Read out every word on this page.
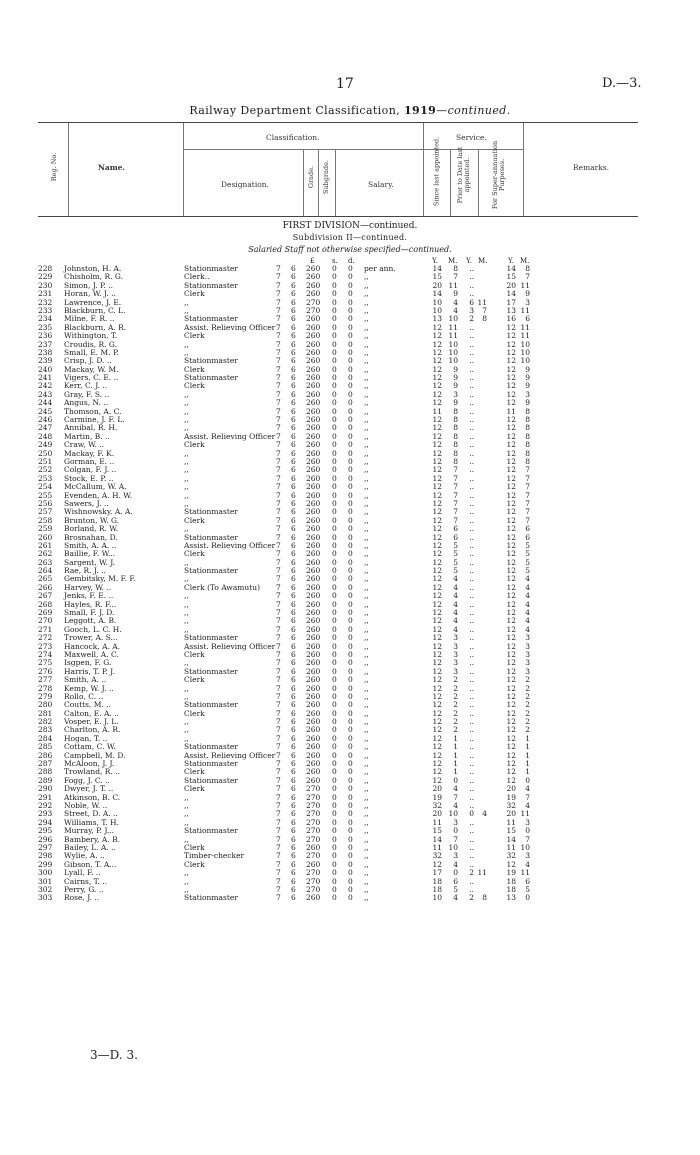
17	D.—3.
Railway Department Classification, 1919—continued.
Reg. No.	Name.
Classification.
Designation.	Grade. Subgrade.	Salary.
Service.
Since last appointed. Prior to Date last appointed.	For Super-annuation Purposes.	Remarks.
FIRST DIVISION—continued.
Subdivision II—continued.
Salaried Staff not otherwise specified—continued.
£	s. d.	Y. M. Y. M.	Y. M.
228	Johnston, H. A.	Stationmaster	7 6 260 0 0 per ann.	14	8	..	14	8
229	Chisholm, R. G.	Clerk..	7 6 260 0 0 ,,	15	7	..	15	7
230	Simon, J. P. ..	Stationmaster	7 6 260 0 0 ,,	20 11	..	20 11
231	Horan, W. J. ..	Clerk	7 6 260 0 0 ,,	14	9	..	14	9
232	Lawrence, J. E.	,,	7 6 270 0 0 ,,	10	4	6 11	17	3
233	Blackburn, C. L.	,,	7 6 270 0 0 ,,	10	4	3	7	13 11
234	Milne, F. R. ..	Stationmaster	7 6 260 0 0 ,,	13 10	2	8	16	6
235	Blackburn, A. R.	Assist. Relieving Officer 7 6 260 0 0 ,,	12 11	..	12 11
236	Withington, T.	Clerk	7 6 260 0 0 ,,	12 11	..	12 11
237	Croudis, R. G.	,,	7 6 260 0 0 ,,	12 10	..	12 10
238	Small, E. M. P.	,,	7 6 260 0 0 ,,	12 10	..	12 10
239	Crisp, J. D. ..	Stationmaster	7 6 260 0 0 ,,	12 10	..	12 10
240	Mackay, W. M.	Clerk	7 6 260 0 0 ,,	12	9	..	12	9
241	Vigers, C. E. ..	Stationmaster	7 6 260 0 0 ,,	12	9	..	12	9
242	Kerr, C. J. ..	Clerk	7 6 260 0 0 ,,	12	9	..	12	9
243	Gray, F. S. ..	,,	7 6 260 0 0 ,,	12	3	..	12	3
244	Angus, N. ..	,,	7 6 260 0 0 ,,	12	9	..	12	9
245	Thomson, A. C.	,,	7 6 260 0 0 ,,	11	8	..	11	8
246	Carmine, J. F. L.	,,	7 6 260 0 0 ,,	12	8	..	12	8
247	Annibal, R. H.	,,	7 6 260 0 0 ,,	12	8	..	12	8
248	Martin, B. ..	Assist. Relieving Officer 7 6 260 0 0 ,,	12	8	..	12	8
249	Craw, W. ..	Clerk	7 6 260 0 0 ,,	12	8	..	12	8
250	Mackay, F. K.	,,	7 6 260 0 0 ,,	12	8	..	12	8
251	Gorman, E. ..	,,	7 6 260 0 0 ,,	12	8	..	12	8
252	Colgan, F. J. ..	,,	7 6 260 0 0 ,,	12	7	..	12	7
253	Stock, E. P. ..	,,	7 6 260 0 0 ,,	12	7	..	12	7
254	McCallum, W. A.	,,	7 6 260 0 0 ,,	12	7	..	12	7
255	Evenden, A. H. W.	,,	7 6 260 0 0 ,,	12	7	..	12	7
256	Sawers, J. ..	,,	7 6 260 0 0 ,,	12	7	..	12	7
257	Wishnowsky, A. A.	Stationmaster	7 6 260 0 0 ,,	12	7	..	12	7
258	Brunton, W. G.	Clerk	7 6 260 0 0 ,,	12	7	..	12	7
259	Borland, R. W.	,,	7 6 260 0 0 ,,	12	6	..	12	6
260	Brosnahan, D.	Stationmaster	7 6 260 0 0 ,,	12	6	..	12	6
261	Smith, A. A. ..	Assist. Relieving Officer 7 6 260 0 0 ,,	12	5	..	12	5
262	Baillie, F. W...	Clerk	7 6 260 0 0 ,,	12	5	..	12	5
263	Sargent, W. J.	,,	7 6 260 0 0 ,,	12	5	..	12	5
264	Rae, R. J. ..	Stationmaster	7 6 260 0 0 ,,	12	5	..	12	5
265	Gembitsky, M. F. F.	,,	7 6 260 0 0 ,,	12	4	..	12	4
266	Harvey, W. ..	Clerk (To Awamutu) 7 6 260 0 0 ,,	12	4	..	12	4
267	Jenks, F. E. ..	,,	7 6 260 0 0 ,,	12	4	..	12	4
268	Hayles, R. F...	,,	7 6 260 0 0 ,,	12	4	..	12	4
269	Small, F. J. D.	,,	7 6 260 0 0 ,,	12	4	..	12	4
270	Leggott, A. B.	,,	7 6 260 0 0 ,,	12	4	..	12	4
271	Gooch, L. C. H.	,,	7 6 260 0 0 ,,	12	4	..	12	4
272	Trower, A. S...	Stationmaster	7 6 260 0 0 ,,	12	3	..	12	3
273	Hancock, A. A.	Assist. Relieving Officer 7 6 260 0 0 ,,	12	3	..	12	3
274	Maxwell, A. C.	Clerk	7 6 260 0 0 ,,	12	3	..	12	3
275	Isgpen, F. G.	,,	7 6 260 0 0 ,,	12	3	..	12	3
276	Harris, T. P. J.	Stationmaster	7 6 260 0 0 ,,	12	3	..	12	3
277	Smith, A. ..	Clerk	7 6 260 0 0 ,,	12	2	..	12	2
278	Kemp, W. J. ..	,,	7 6 260 0 0 ,,	12	2	..	12	2
279	Rollo, C. ..	,,	7 6 260 0 0 ,,	12	2	..	12	2
280	Coutts, M. ..	Stationmaster	7 6 260 0 0 ,,	12	2	..	12	2
281	Calton, E. A. ..	Clerk	7 6 260 0 0 ,,	12	2	..	12	2
282	Vosper, E. J. L.	,,	7 6 260 0 0 ,,	12	2	..	12	2
283	Charlton, A. R.	,,	7 6 260 0 0 ,,	12	2	..	12	2
284	Hogan, T. ..	,,	7 6 260 0 0 ,,	12	1	..	12	1
285	Cottam, C. W.	Stationmaster	7 6 260 0 0 ,,	12	1	..	12	1
286	Campbell, M. D.	Assist. Relieving Officer 7 6 260 0 0 ,,	12	1	..	12	1
287	McAloon, J. J.	Stationmaster	7 6 260 0 0 ,,	12	1	..	12	1
288	Trowland, R. ..	Clerk	7 6 260 0 0 ,,	12	1	..	12	1
289	Fogg, J. C. ..	Stationmaster	7 6 260 0 0 ,,	12	0	..	12	0
290	Dwyer, J. T. ..	Clerk	7 6 270 0 0 ,,	20	4	..	20	4
291	Atkinson, B. C.	,,	7 6 270 0 0 ,,	19	7	..	19	7
292	Noble, W. ..	,,	7 6 270 0 0 ,,	32	4	..	32	4
293	Street, D. A. ..	,,	7 6 270 0 0 ,,	20 10	0	4	20 11
294	Williams, T. H.	,,	7 6 270 0 0 ,,	11	3	..	11	3
295	Murray, P. J...	Stationmaster	7 6 270 0 0 ,,	15	0	..	15	0
296	Bambery, A. B.	,,	7 6 270 0 0 ,,	14	7	..	14	7
297	Bailey, L. A. ..	Clerk	7 6 260 0 0 ,,	11 10	..	11 10
298	Wylie, A. ..	Timber-checker	7 6 270 0 0 ,,	32	3	..	32	3
299	Gibson, T. A...	Clerk	7 6 260 0 0 ,,	12	4	..	12	4
300	Lyall, F. ..	,,	7 6 270 0 0 ,,	17	0	2 11	19 11
301	Cairns, T. ..	,,	7 6 270 0 0 ,,	18	6	..	18	6
302	Perry, G. ..	,,	7 6 270 0 0 ,,	18	5	..	18	5
303	Rose, J. ..	Stationmaster	7 6 260 0 0 ,,	10	4	2	8	13	0
3—D. 3.
